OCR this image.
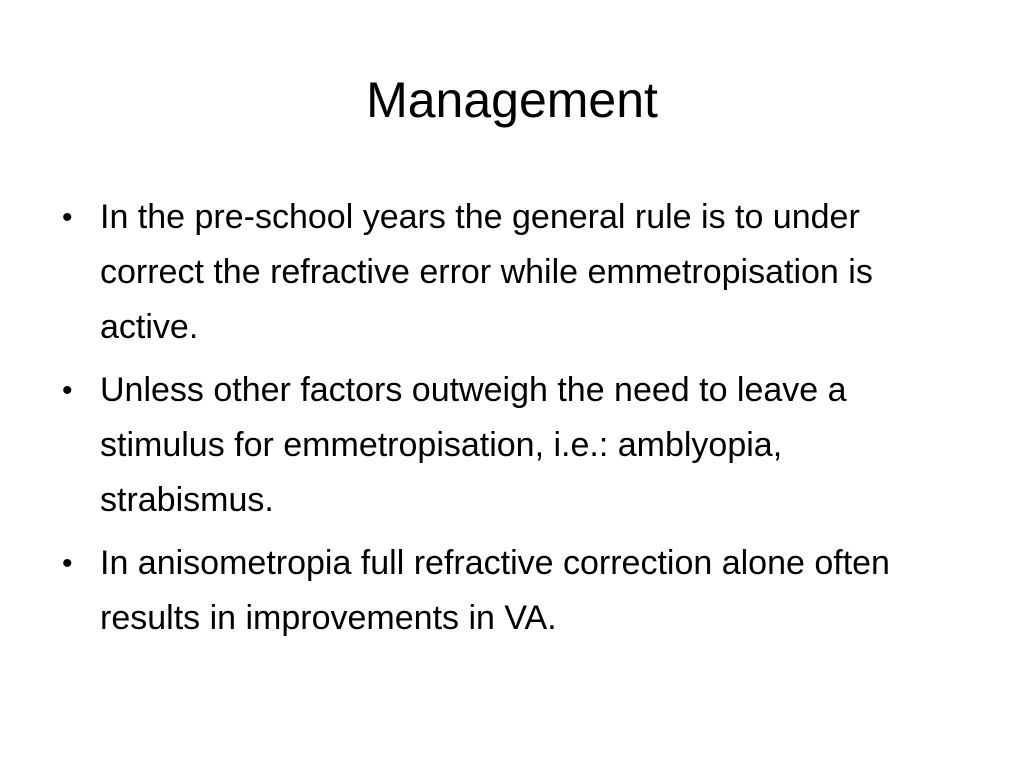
Management
• In the pre-school years the general rule is to under correct the refractive error while emmetropisation is active.
• Unless other factors outweigh the need to leave a stimulus for emmetropisation, i.e.: amblyopia, strabismus.
• In anisometropia full refractive correction alone often results in improvements in VA.
